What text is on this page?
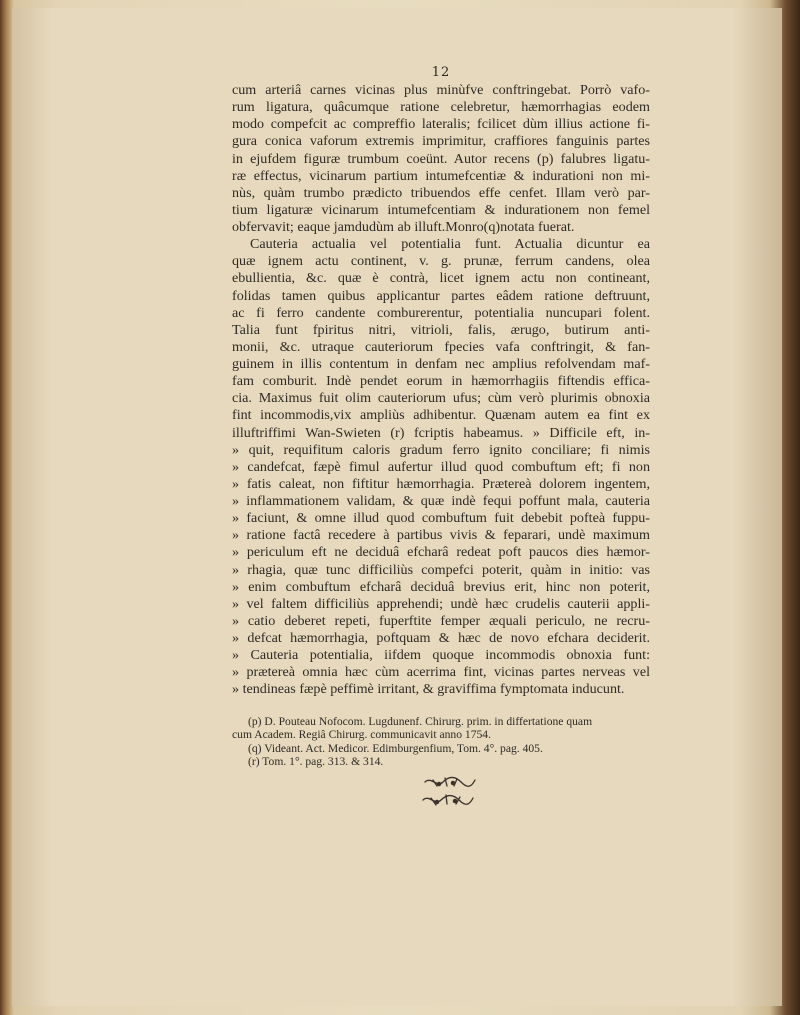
12
cum arteriâ carnes vicinas plus minùfve conftringebat. Porrò vafo-
rum ligatura, quâcumque ratione celebretur, hæmorrhagias eodem
modo compefcit ac compreffio lateralis; fcilicet dùm illius actione fi-
gura conica vaforum extremis imprimitur, craffiores fanguinis partes
in ejufdem figuræ trumbum coeünt. Autor recens (p) falubres ligatu-
ræ effectus, vicinarum partium intumefcentiæ & indurationi non mi-
nùs, quàm trumbo prædicto tribuendos effe cenfet. Illam verò par-
tium ligaturæ vicinarum intumefcentiam & indurationem non femel
obfervavit; eaque jamdudùm ab illuft.Monro(q)notata fuerat.
Cauteria actualia vel potentialia funt. Actualia dicuntur ea
quæ ignem actu continent, v. g. prunæ, ferrum candens, olea
ebullientia, &c. quæ è contrà, licet ignem actu non contineant,
folidas tamen quibus applicantur partes eâdem ratione deftruunt,
ac fi ferro candente comburerentur, potentialia nuncupari folent.
Talia funt fpiritus nitri, vitrioli, falis, ærugo, butirum anti-
monii, &c. utraque cauteriorum fpecies vafa conftringit, & fan-
guinem in illis contentum in denfam nec amplius refolvendam maf-
fam comburit. Indè pendet eorum in hæmorrhagiis fiftendis effica-
cia. Maximus fuit olim cauteriorum ufus; cùm verò plurimis obnoxia
fint incommodis,vix ampliùs adhibentur. Quænam autem ea fint ex
illuftriffimi Wan-Swieten (r) fcriptis habeamus. » Difficile eft, in-
» quit, requifitum caloris gradum ferro ignito conciliare; fi nimis
» candefcat, fæpè fimul aufertur illud quod combuftum eft; fi non
» fatis caleat, non fiftitur hæmorrhagia. Prætereà dolorem ingentem,
» inflammationem validam, & quæ indè fequi poffunt mala, cauteria
» faciunt, & omne illud quod combuftum fuit debebit pofteà fuppu-
» ratione factâ recedere à partibus vivis & feparari, undè maximum
» periculum eft ne deciduâ efcharâ redeat poft paucos dies hæmor-
» rhagia, quæ tunc difficiliùs compefci poterit, quàm in initio: vas
» enim combuftum efcharâ deciduâ brevius erit, hinc non poterit,
» vel faltem difficiliùs apprehendi; undè hæc crudelis cauterii appli-
» catio deberet repeti, fuperftite femper æquali periculo, ne recru-
» defcat hæmorrhagia, poftquam & hæc de novo efchara deciderit.
» Cauteria potentialia, iifdem quoque incommodis obnoxia funt:
» prætereà omnia hæc cùm acerrima fint, vicinas partes nerveas vel
» tendineas fæpè peffimè irritant, & graviffima fymptomata inducunt.
(p) D. Pouteau Nofocom. Lugdunenf. Chirurg. prim. in differtatione quam
cum Academ. Regiâ Chirurg. communicavit anno 1754.
(q) Videant. Act. Medicor. Edimburgenfium, Tom. 4°. pag. 405.
(r) Tom. 1°. pag. 313. & 314.
